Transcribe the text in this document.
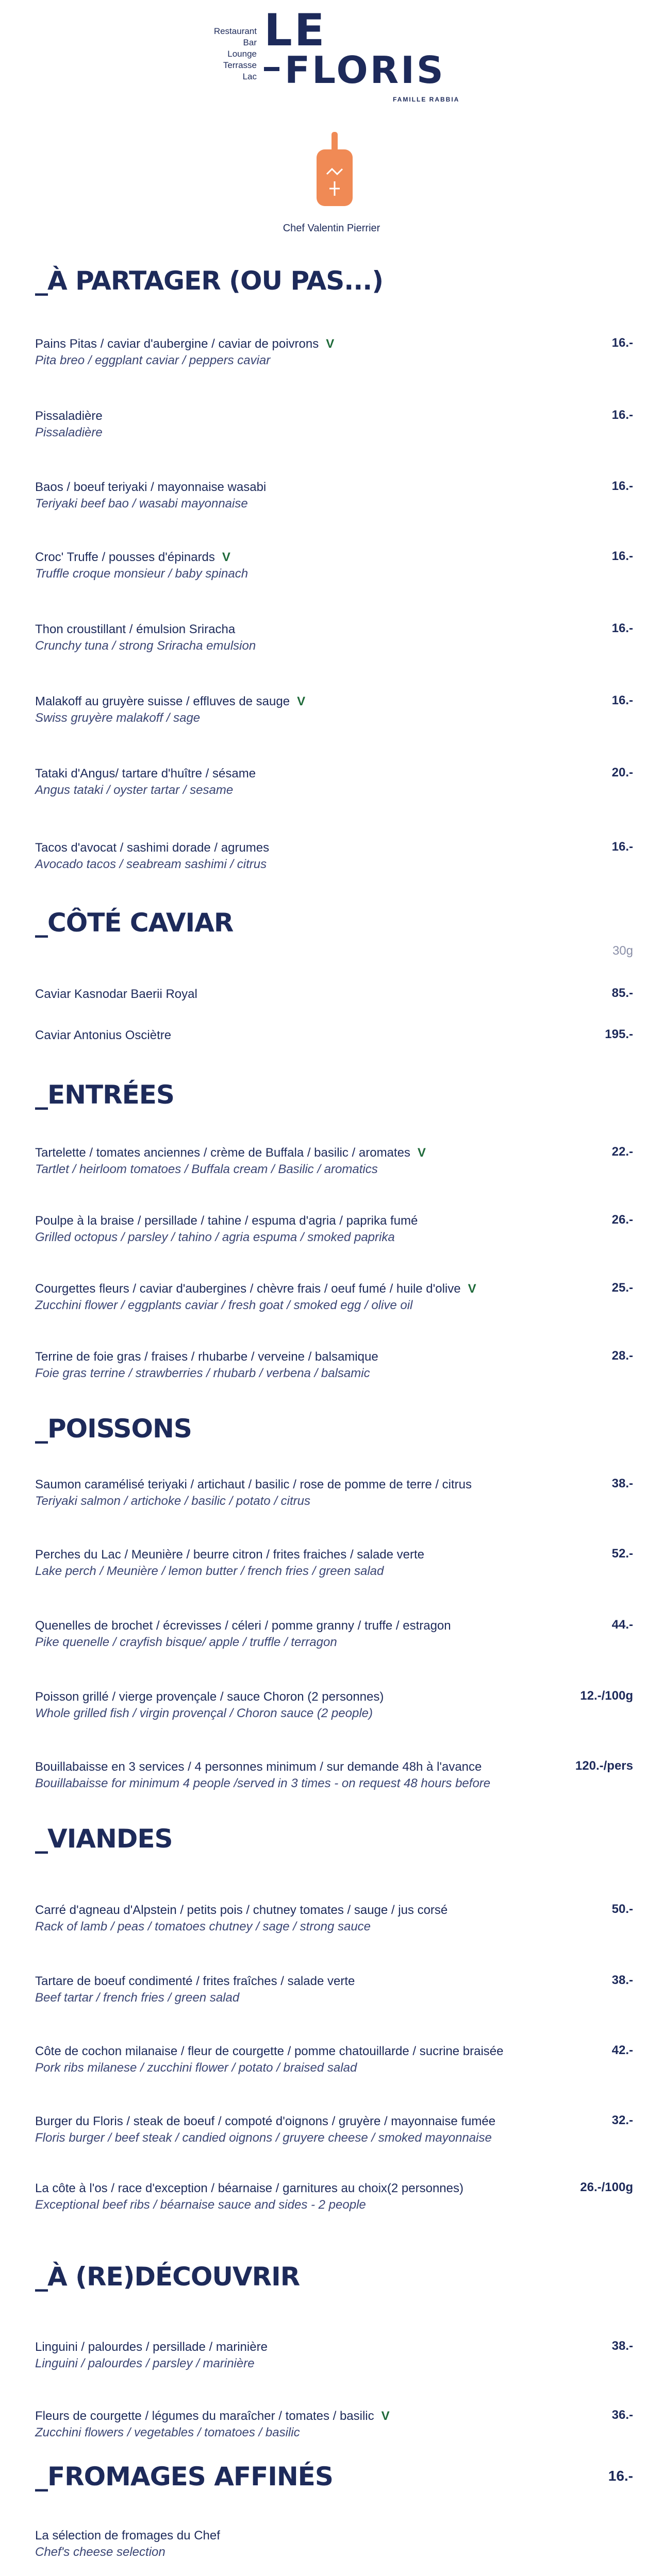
Restaurant
Bar
Lounge
Terrasse
Lac
LE
FLORIS
FAMILLE RABBIA
Chef Valentin Pierrier
_À PARTAGER (OU PAS...)
Pains Pitas / caviar d'aubergine / caviar de poivrons V
Pita breo / eggplant caviar / peppers caviar
16.-
Pissaladière
Pissaladière
16.-
Baos / boeuf teriyaki / mayonnaise wasabi
Teriyaki beef bao / wasabi mayonnaise
16.-
Croc' Truffe / pousses d'épinards V
Truffle croque monsieur / baby spinach
16.-
Thon croustillant / émulsion Sriracha
Crunchy tuna / strong Sriracha emulsion
16.-
Malakoff au gruyère suisse / effluves de sauge V
Swiss gruyère malakoff / sage
16.-
Tataki d'Angus/ tartare d'huître / sésame
Angus tataki / oyster tartar / sesame
20.-
Tacos d'avocat / sashimi dorade / agrumes
Avocado tacos / seabream sashimi / citrus
16.-
_CÔTÉ CAVIAR
30g
Caviar Kasnodar Baerii Royal	85.-
Caviar Antonius Osciètre	195.-
_ENTRÉES
Tartelette / tomates anciennes / crème de Buffala / basilic / aromates V
Tartlet / heirloom tomatoes / Buffala cream / Basilic / aromatics
22.-
Poulpe à la braise / persillade / tahine / espuma d'agria / paprika fumé
Grilled octopus / parsley / tahino / agria espuma / smoked paprika
26.-
Courgettes fleurs / caviar d'aubergines / chèvre frais / oeuf fumé / huile d'olive V
Zucchini flower / eggplants caviar / fresh goat / smoked egg / olive oil
25.-
Terrine de foie gras / fraises / rhubarbe / verveine / balsamique
Foie gras terrine / strawberries / rhubarb / verbena / balsamic
28.-
_POISSONS
Saumon caramélisé teriyaki / artichaut / basilic / rose de pomme de terre / citrus
Teriyaki salmon / artichoke / basilic / potato / citrus
38.-
Perches du Lac / Meunière / beurre citron / frites fraiches / salade verte
Lake perch / Meunière / lemon butter / french fries / green salad
52.-
Quenelles de brochet / écrevisses / céleri / pomme granny / truffe / estragon
Pike quenelle / crayfish bisque/ apple / truffle / terragon
44.-
Poisson grillé / vierge provençale / sauce Choron (2 personnes)
Whole grilled fish / virgin provençal / Choron sauce (2 people)
12.-/100g
Bouillabaisse en 3 services / 4 personnes minimum / sur demande 48h à l'avance
Bouillabaisse for minimum 4 people /served in 3 times - on request 48 hours before
120.-/pers
_VIANDES
Carré d'agneau d'Alpstein / petits pois / chutney tomates / sauge / jus corsé
Rack of lamb / peas / tomatoes chutney / sage / strong sauce
50.-
Tartare de boeuf condimenté / frites fraîches / salade verte
Beef tartar / french fries / green salad
38.-
Côte de cochon milanaise / fleur de courgette / pomme chatouillarde / sucrine braisée
Pork ribs milanese / zucchini flower / potato / braised salad
42.-
Burger du Floris / steak de boeuf / compoté d'oignons / gruyère / mayonnaise fumée
Floris burger / beef steak / candied oignons / gruyere cheese / smoked mayonnaise
32.-
La côte à l'os / race d'exception / béarnaise / garnitures au choix(2 personnes)
Exceptional beef ribs / béarnaise sauce and sides - 2 people
26.-/100g
_À (RE)DÉCOUVRIR
Linguini / palourdes / persillade / marinière
Linguini / palourdes / parsley / marinière
38.-
Fleurs de courgette / légumes du maraîcher / tomates / basilic V
Zucchini flowers / vegetables / tomatoes / basilic
36.-
_FROMAGES AFFINÉS	16.-
La sélection de fromages du Chef
Chef's cheese selection
